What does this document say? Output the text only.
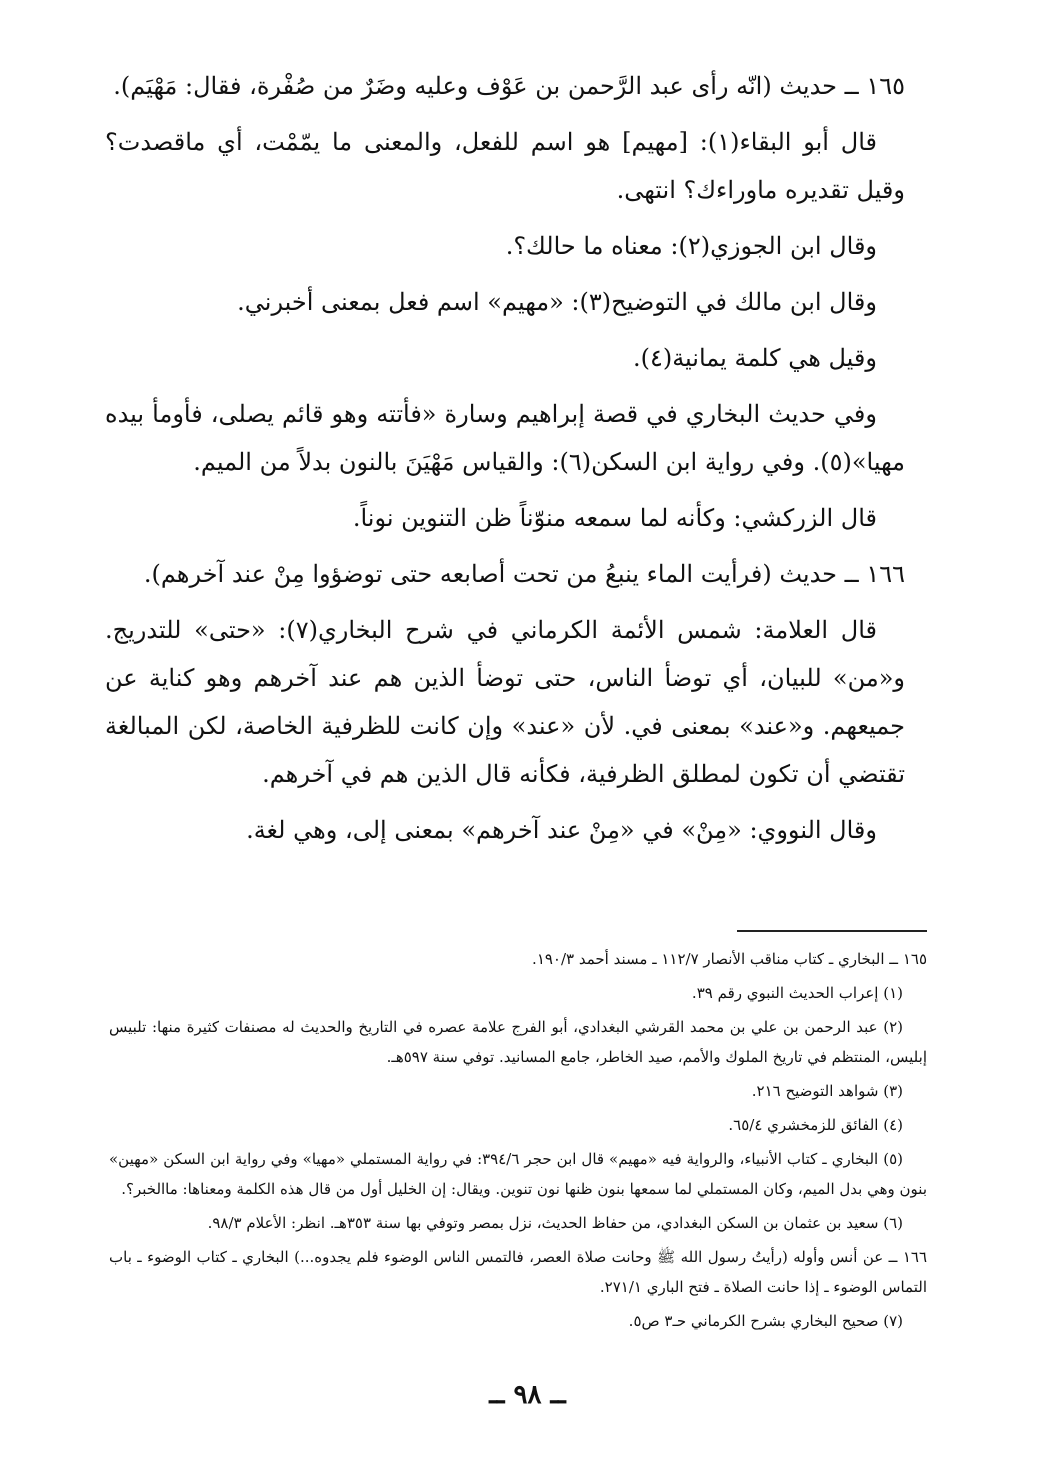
١٦٥ ــ حديث (انّه رأى عبد الرَّحمن بن عَوْف وعليه وضَرٌ من صُفْرة، فقال: مَهْيَم).

قال أبو البقاء(١): [مهيم] هو اسم للفعل، والمعنى ما يمّمْت، أي ماقصدت؟ وقيل تقديره ماوراءك؟ انتهى.

وقال ابن الجوزي(٢): معناه ما حالك؟.

وقال ابن مالك في التوضيح(٣): «مهيم» اسم فعل بمعنى أخبرني.

وقيل هي كلمة يمانية(٤).

وفي حديث البخاري في قصة إبراهيم وسارة «فأتته وهو قائم يصلى، فأومأ بيده مهيا»(٥). وفي رواية ابن السكن(٦): والقياس مَهْيَنَ بالنون بدلاً من الميم.

قال الزركشي: وكأنه لما سمعه منوّناً ظن التنوين نوناً.

١٦٦ ــ حديث (فرأيت الماء ينبعُ من تحت أصابعه حتى توضؤوا مِنْ عند آخرهم).

قال العلامة: شمس الأئمة الكرماني في شرح البخاري(٧): «حتى» للتدريج. و«من» للبيان، أي توضأ الناس، حتى توضأ الذين هم عند آخرهم وهو كناية عن جميعهم. و«عند» بمعنى في. لأن «عند» وإن كانت للظرفية الخاصة، لكن المبالغة تقتضي أن تكون لمطلق الظرفية، فكأنه قال الذين هم في آخرهم.

وقال النووي: «مِنْ» في «مِنْ عند آخرهم» بمعنى إلى، وهي لغة.

١٦٥ ــ البخاري ـ كتاب مناقب الأنصار ١١٢/٧ ـ مسند أحمد ١٩٠/٣.

(١) إعراب الحديث النبوي رقم ٣٩.

(٢) عبد الرحمن بن علي بن محمد القرشي البغدادي، أبو الفرج علامة عصره في التاريخ والحديث له مصنفات كثيرة منها: تلبيس إبليس، المنتظم في تاريخ الملوك والأمم، صيد الخاطر، جامع المسانيد. توفي سنة ٥٩٧هـ.

(٣) شواهد التوضيح ٢١٦.

(٤) الفائق للزمخشري ٦٥/٤.

(٥) البخاري ـ كتاب الأنبياء، والرواية فيه «مهيم» قال ابن حجر ٣٩٤/٦: في رواية المستملي «مهيا» وفي رواية ابن السكن «مهين» بنون وهي بدل الميم، وكان المستملي لما سمعها بنون ظنها نون تنوين. ويقال: إن الخليل أول من قال هذه الكلمة ومعناها: ماالخبر؟.

(٦) سعيد بن عثمان بن السكن البغدادي، من حفاظ الحديث، نزل بمصر وتوفي بها سنة ٣٥٣هـ. انظر: الأعلام ٩٨/٣.

١٦٦ ــ عن أنس وأوله (رأيتُ رسول الله ﷺ وحانت صلاة العصر، فالتمس الناس الوضوء فلم يجدوه...) البخاري ـ كتاب الوضوء ـ باب التماس الوضوء ـ إذا حانت الصلاة ـ فتح الباري ٢٧١/١.

(٧) صحيح البخاري بشرح الكرماني حـ٣ ص٥.

ــ ٩٨ ــ
